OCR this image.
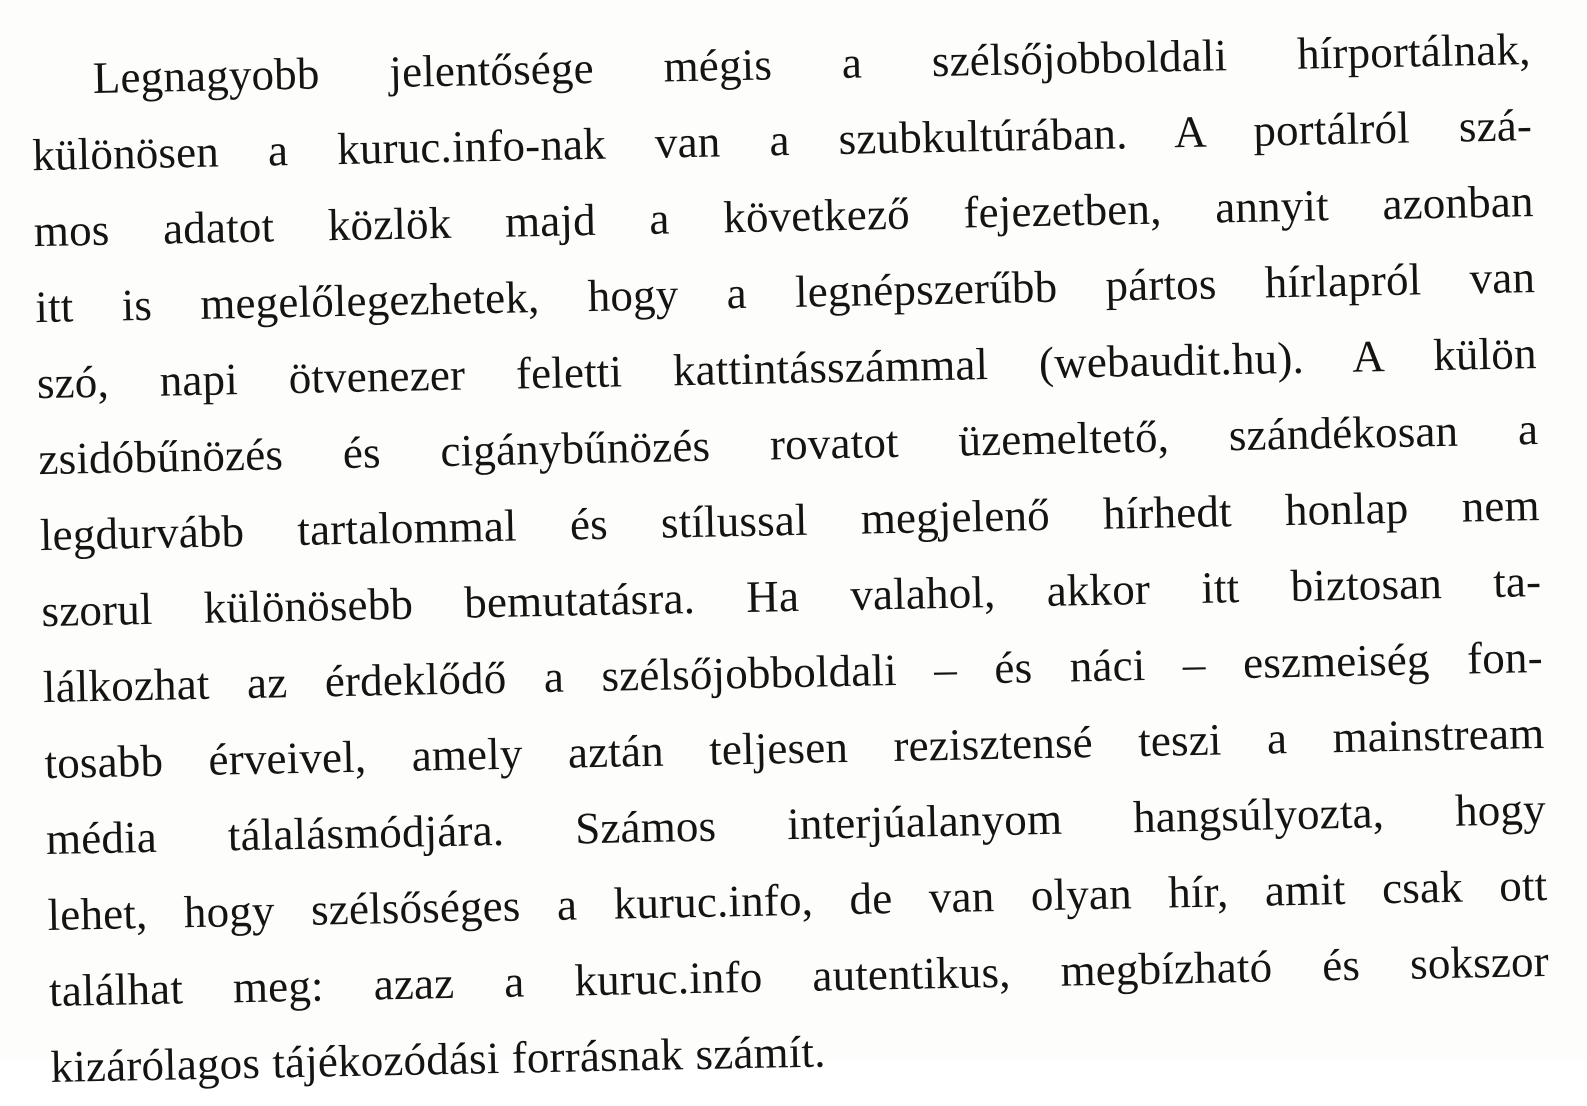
Legnagyobb jelentősége mégis a szélsőjobboldali hírportálnak,
különösen a kuruc.info-nak van a szubkultúrában. A portálról szá-
mos adatot közlök majd a következő fejezetben, annyit azonban
itt is megelőlegezhetek, hogy a legnépszerűbb pártos hírlapról van
szó, napi ötvenezer feletti kattintásszámmal (webaudit.hu). A külön
zsidóbűnözés és cigánybűnözés rovatot üzemeltető, szándékosan a
legdurvább tartalommal és stílussal megjelenő hírhedt honlap nem
szorul különösebb bemutatásra. Ha valahol, akkor itt biztosan ta-
lálkozhat az érdeklődő a szélsőjobboldali – és náci – eszmeiség fon-
tosabb érveivel, amely aztán teljesen rezisztensé teszi a mainstream
média tálalásmódjára. Számos interjúalanyom hangsúlyozta, hogy
lehet, hogy szélsőséges a kuruc.info, de van olyan hír, amit csak ott
találhat meg: azaz a kuruc.info autentikus, megbízható és sokszor
kizárólagos tájékozódási forrásnak számít.
